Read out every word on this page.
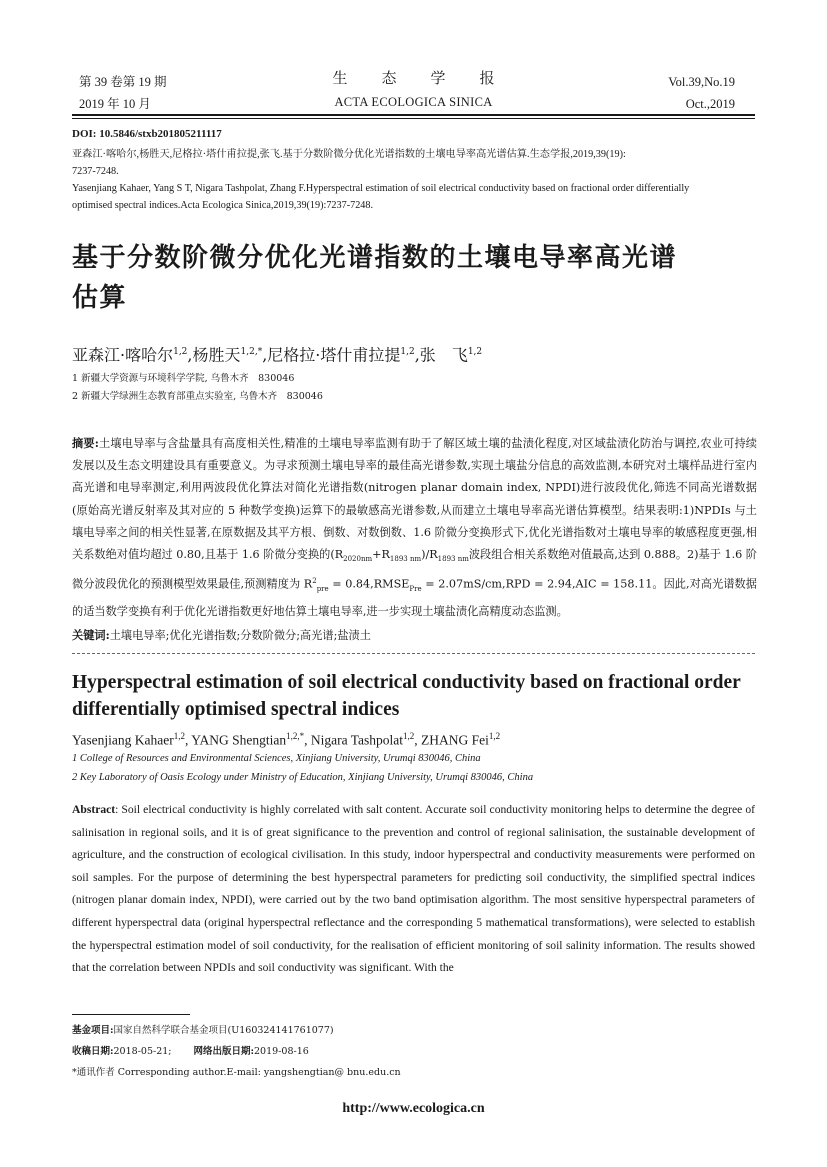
第 39 卷第 19 期
2019 年 10 月
生态学报
ACTA ECOLOGICA SINICA
Vol.39,No.19
Oct.,2019
DOI: 10.5846/stxb201805211117
亚森江·喀哈尔,杨胜天,尼格拉·塔什甫拉提,张飞.基于分数阶微分优化光谱指数的土壤电导率高光谱估算.生态学报,2019,39(19):
7237-7248.
Yasenjiang Kahaer, Yang S T, Nigara Tashpolat, Zhang F.Hyperspectral estimation of soil electrical conductivity based on fractional order differentially
optimised spectral indices.Acta Ecologica Sinica,2019,39(19):7237-7248.
基于分数阶微分优化光谱指数的土壤电导率高光谱
估算
亚森江·喀哈尔$^{1,2}$,杨胜天$^{1,2,*}$,尼格拉·塔什甫拉提$^{1,2}$,张　飞$^{1,2}$
1 新疆大学资源与环境科学学院, 乌鲁木齐　830046
2 新疆大学绿洲生态教育部重点实验室, 乌鲁木齐　830046
摘要:土壤电导率与含盐量具有高度相关性,精准的土壤电导率监测有助于了解区域土壤的盐渍化程度,对区域盐渍化防治与调控,农业可持续发展以及生态文明建设具有重要意义。为寻求预测土壤电导率的最佳高光谱参数,实现土壤盐分信息的高效监测,本研究对土壤样品进行室内高光谱和电导率测定,利用两波段优化算法对简化光谱指数(nitrogen planar domain index, NPDI)进行波段优化,筛选不同高光谱数据(原始高光谱反射率及其对应的 5 种数学变换)运算下的最敏感高光谱参数,从而建立土壤电导率高光谱估算模型。结果表明:1)NPDIs 与土壤电导率之间的相关性显著,在原数据及其平方根、倒数、对数倒数、1.6 阶微分变换形式下,优化光谱指数对土壤电导率的敏感程度更强,相关系数绝对值均超过 0.80,且基于 1.6 阶微分变换的$(R_{2020nm}+R_{1893 nm})/R_{1893 nm}$波段组合相关系数绝对值最高,达到 0.888。2)基于 1.6 阶微分波段优化的预测模型效果最佳,预测精度为 $R^2_{pre}$ = $0.84,RMSE_{Pre} = 2.07mS/cm,RPD = 2.94,AIC = 158.11$。因此,对高光谱数据的适当数学变换有利于优化光谱指数更好地估算土壤电导率,进一步实现土壤盐渍化高精度动态监测。
关键词:土壤电导率;优化光谱指数;分数阶微分;高光谱;盐渍土
Hyperspectral estimation of soil electrical conductivity based on fractional order differentially optimised spectral indices
Yasenjiang Kahaer$^{1,2}$, YANG Shengtian$^{1,2,*}$, Nigara Tashpolat$^{1,2}$, ZHANG Fei$^{1,2}$
1 College of Resources and Environmental Sciences, Xinjiang University, Urumqi 830046, China
2 Key Laboratory of Oasis Ecology under Ministry of Education, Xinjiang University, Urumqi 830046, China
Abstract: Soil electrical conductivity is highly correlated with salt content. Accurate soil conductivity monitoring helps to determine the degree of salinisation in regional soils, and it is of great significance to the prevention and control of regional salinisation, the sustainable development of agriculture, and the construction of ecological civilisation. In this study, indoor hyperspectral and conductivity measurements were performed on soil samples. For the purpose of determining the best hyperspectral parameters for predicting soil conductivity, the simplified spectral indices (nitrogen planar domain index, NPDI), were carried out by the two band optimisation algorithm. The most sensitive hyperspectral parameters of different hyperspectral data (original hyperspectral reflectance and the corresponding 5 mathematical transformations), were selected to establish the hyperspectral estimation model of soil conductivity, for the realisation of efficient monitoring of soil salinity information. The results showed that the correlation between NPDIs and soil conductivity was significant. With the
基金项目:国家自然科学联合基金项目(U160324141761077)
收稿日期:2018-05-21; 网络出版日期:2019-08-16
*通讯作者 Corresponding author.E-mail: yangshengtian@ bnu.edu.cn
http://www.ecologica.cn
